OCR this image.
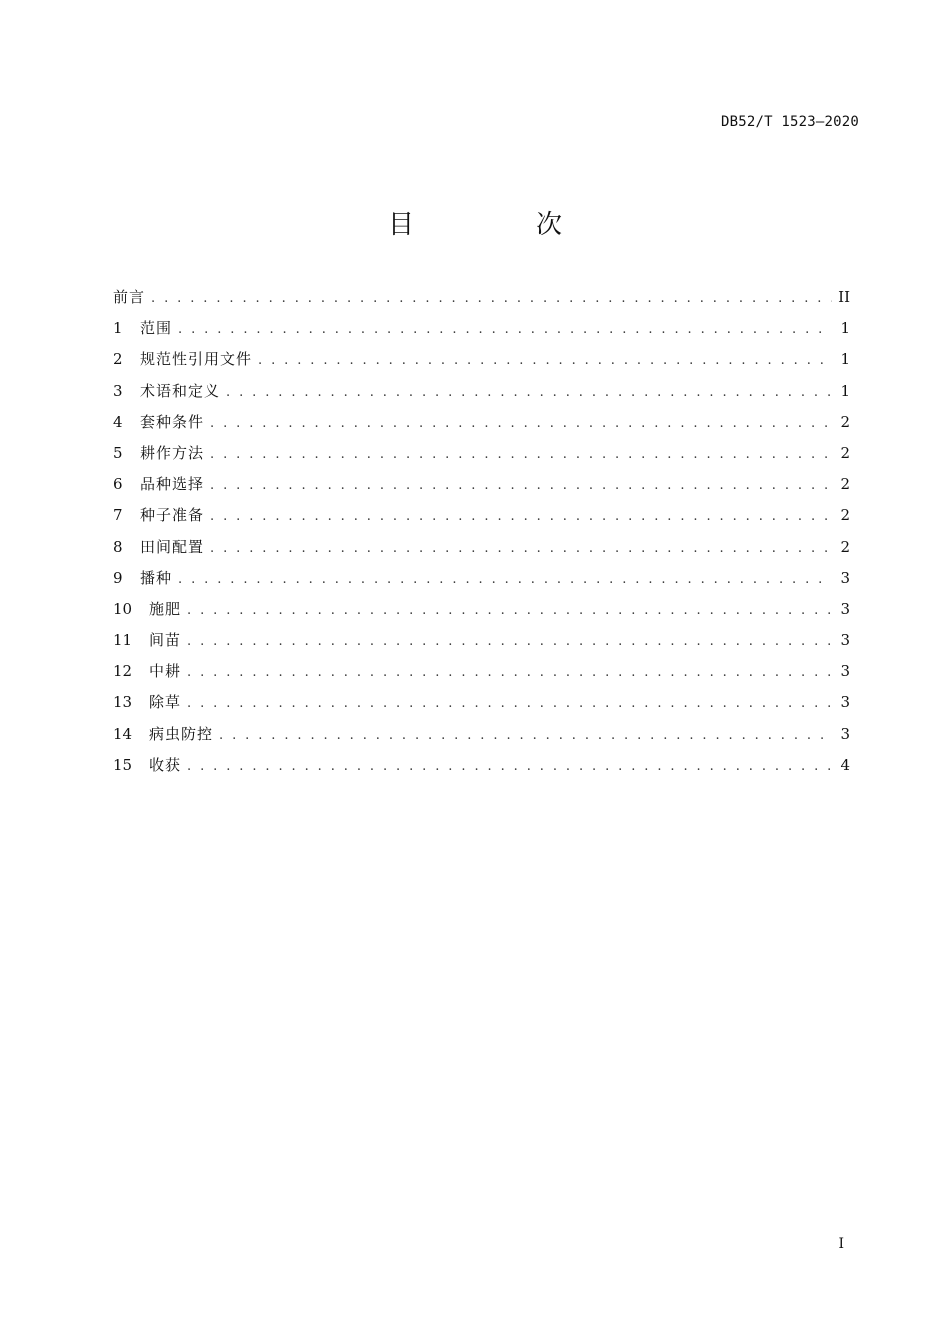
DB52/T 1523—2020
目　次
前言 . . .	II
1	范围 . . .	1
2	规范性引用文件 . . .	1
3	术语和定义 . . .	1
4	套种条件 . . .	2
5	耕作方法 . . .	2
6	品种选择 . . .	2
7	种子准备 . . .	2
8	田间配置 . . .	2
9	播种 . . .	3
10	施肥 . . .	3
11	间苗 . . .	3
12	中耕 . . .	3
13	除草 . . .	3
14	病虫防控 . . .	3
15	收获 . . .	4
I
